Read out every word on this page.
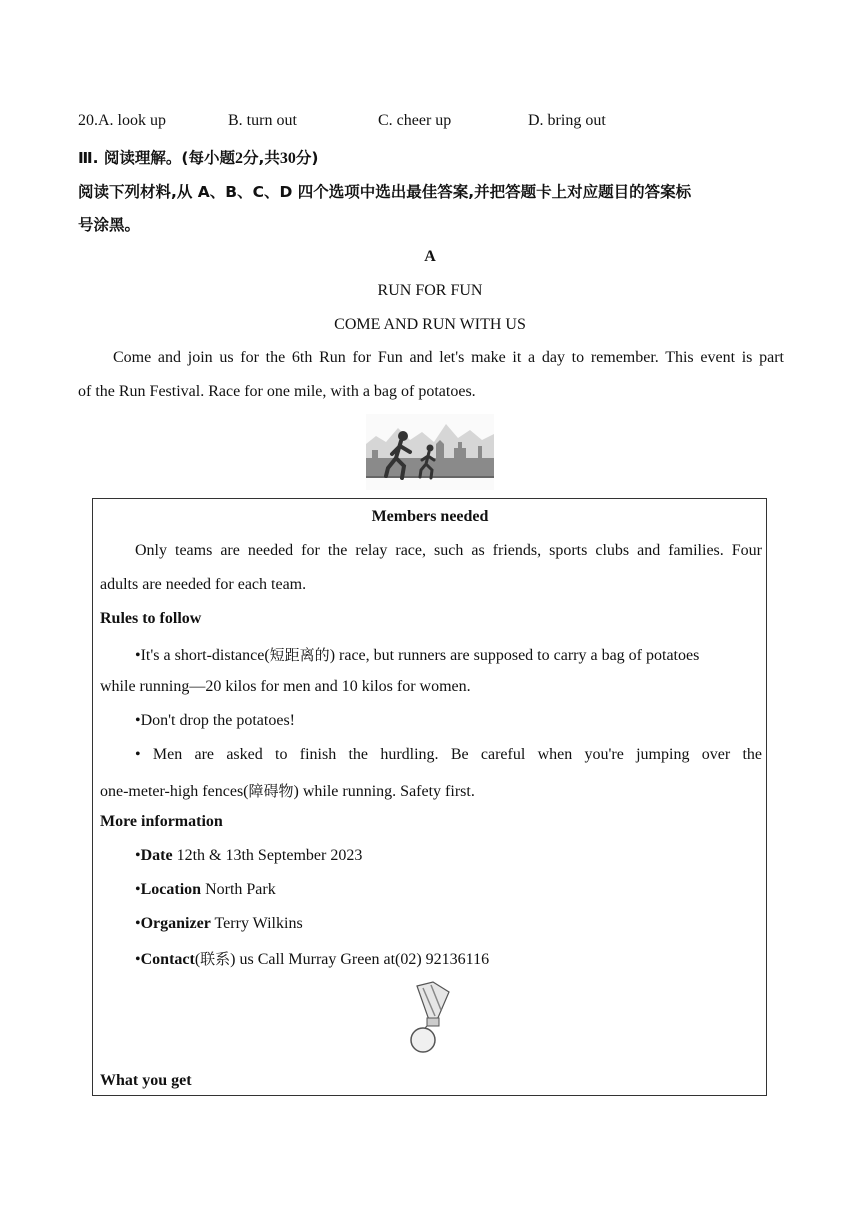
20.A. look up	B. turn out	C. cheer up	D. bring out
Ⅲ. 阅读理解。(每小题2分,共30分)
阅读下列材料,从 A、B、C、D 四个选项中选出最佳答案,并把答题卡上对应题目的答案标
号涂黑。
A
RUN FOR FUN
COME AND RUN WITH US
Come and join us for the 6th Run for Fun and let's make it a day to remember. This event is part
of the Run Festival. Race for one mile, with a bag of potatoes.
Members needed
Only teams are needed for the relay race, such as friends, sports clubs and families. Four
adults are needed for each team.
Rules to follow
•It's a short-distance(短距离的) race, but runners are supposed to carry a bag of potatoes
while running—20 kilos for men and 10 kilos for women.
•Don't drop the potatoes!
• Men are asked to finish the hurdling. Be careful when you're jumping over the
one-meter-high fences(障碍物) while running. Safety first.
More information
•Date 12th & 13th September 2023
•Location North Park
•Organizer Terry Wilkins
•Contact(联系) us Call Murray Green at(02) 92136116
What you get
